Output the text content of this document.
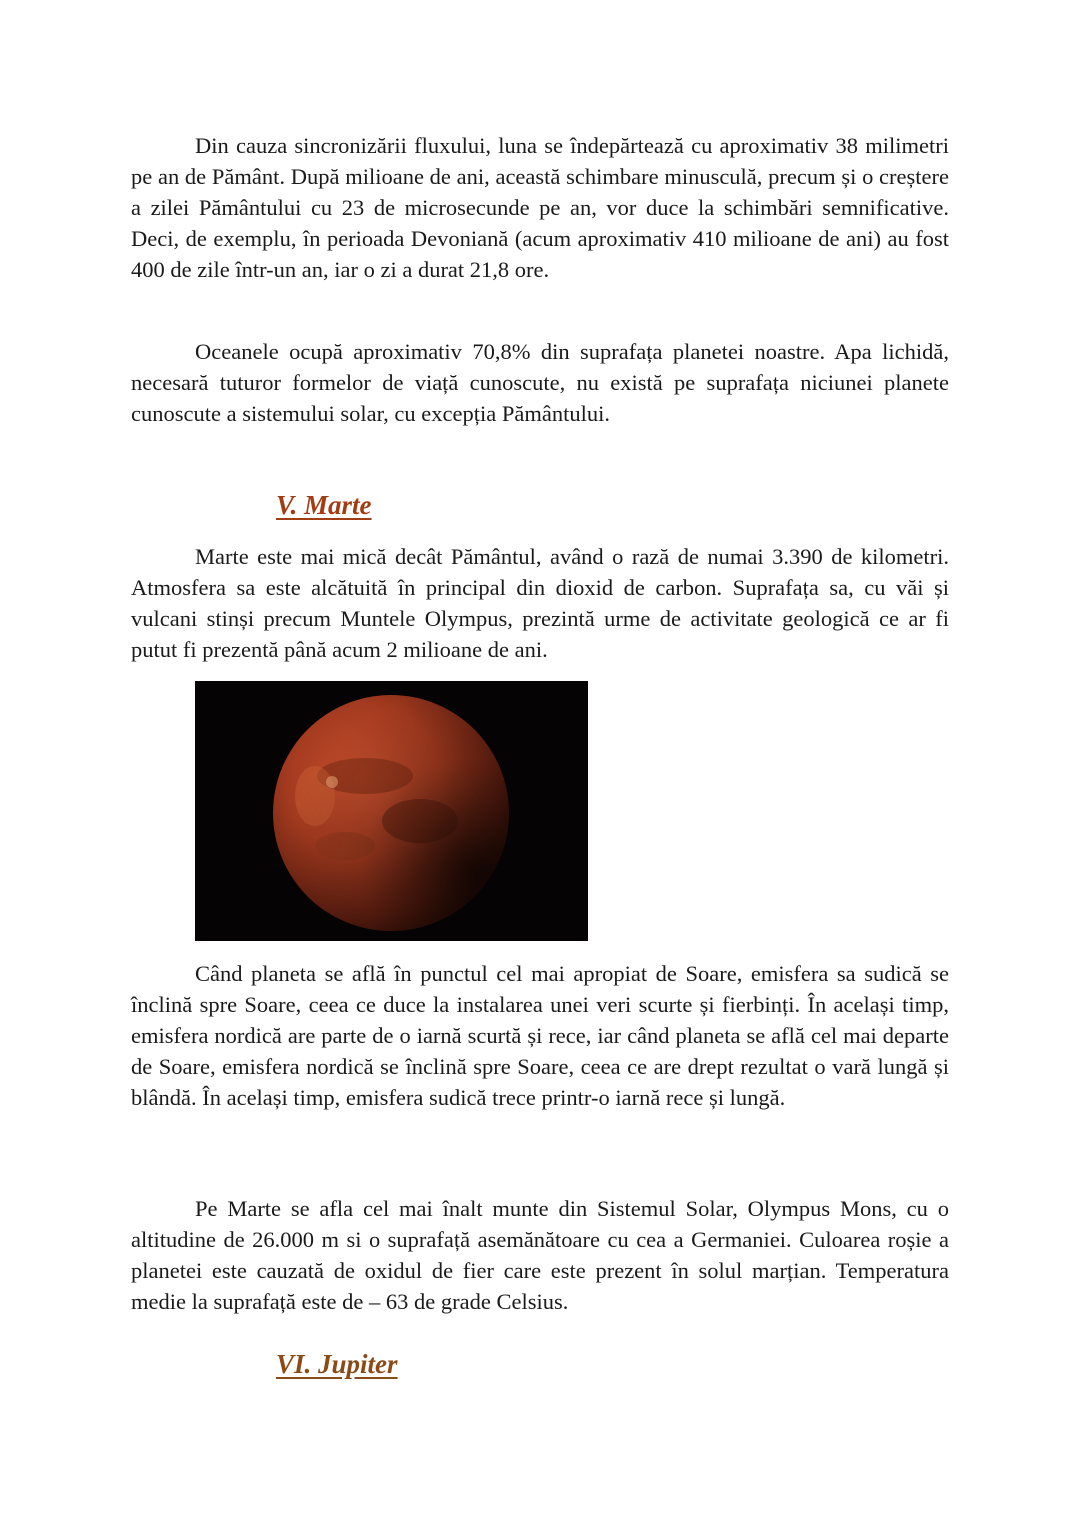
Din cauza sincronizării fluxului, luna se îndepărtează cu aproximativ 38 milimetri pe an de Pământ. După milioane de ani, această schimbare minusculă, precum și o creștere a zilei Pământului cu 23 de microsecunde pe an, vor duce la schimbări semnificative. Deci, de exemplu, în perioada Devoniană (acum aproximativ 410 milioane de ani) au fost 400 de zile într-un an, iar o zi a durat 21,8 ore.

Oceanele ocupă aproximativ 70,8% din suprafața planetei noastre. Apa lichidă, necesară tuturor formelor de viață cunoscute, nu există pe suprafața niciunei planete cunoscute a sistemului solar, cu excepția Pământului.

V. Marte

Marte este mai mică decât Pământul, având o rază de numai 3.390 de kilometri. Atmosfera sa este alcătuită în principal din dioxid de carbon. Suprafața sa, cu văi și vulcani stinși precum Muntele Olympus, prezintă urme de activitate geologică ce ar fi putut fi prezentă până acum 2 milioane de ani.

Când planeta se află în punctul cel mai apropiat de Soare, emisfera sa sudică se înclină spre Soare, ceea ce duce la instalarea unei veri scurte și fierbinți. În același timp, emisfera nordică are parte de o iarnă scurtă și rece, iar când planeta se află cel mai departe de Soare, emisfera nordică se înclină spre Soare, ceea ce are drept rezultat o vară lungă și blândă. În același timp, emisfera sudică trece printr-o iarnă rece și lungă.

Pe Marte se afla cel mai înalt munte din Sistemul Solar, Olympus Mons, cu o altitudine de 26.000 m si o suprafață asemănătoare cu cea a Germaniei. Culoarea roșie a planetei este cauzată de oxidul de fier care este prezent în solul marțian. Temperatura medie la suprafață este de – 63 de grade Celsius.

VI. Jupiter
